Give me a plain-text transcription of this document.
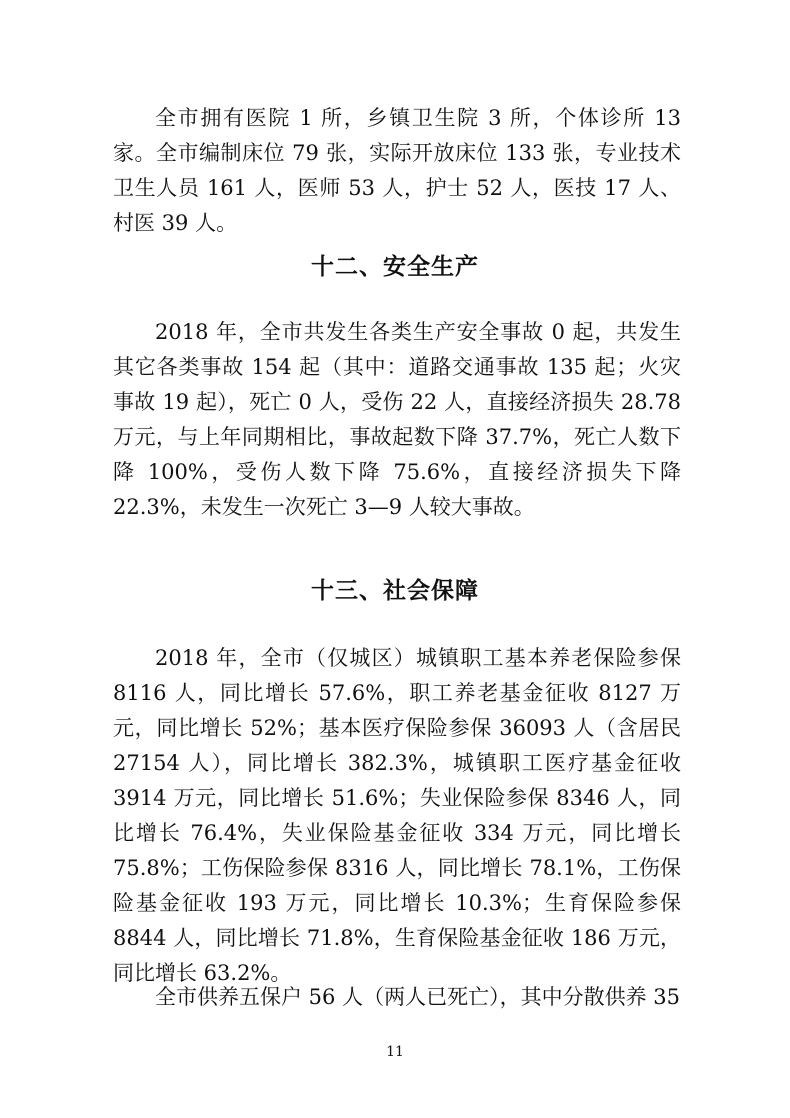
全市拥有医院 1 所，乡镇卫生院 3 所，个体诊所 13 家。全市编制床位 79 张，实际开放床位 133 张，专业技术卫生人员 161 人，医师 53 人，护士 52 人，医技 17 人、村医 39 人。

十二、安全生产

2018 年，全市共发生各类生产安全事故 0 起，共发生其它各类事故 154 起（其中：道路交通事故 135 起；火灾事故 19 起），死亡 0 人，受伤 22 人，直接经济损失 28.78 万元，与上年同期相比，事故起数下降 37.7%，死亡人数下降 100%，受伤人数下降 75.6%，直接经济损失下降 22.3%，未发生一次死亡 3—9 人较大事故。

十三、社会保障

2018 年，全市（仅城区）城镇职工基本养老保险参保 8116 人，同比增长 57.6%，职工养老基金征收 8127 万元，同比增长 52%；基本医疗保险参保 36093 人（含居民 27154 人），同比增长 382.3%，城镇职工医疗基金征收 3914 万元，同比增长 51.6%；失业保险参保 8346 人，同比增长 76.4%，失业保险基金征收 334 万元，同比增长 75.8%；工伤保险参保 8316 人，同比增长 78.1%，工伤保险基金征收 193 万元，同比增长 10.3%；生育保险参保 8844 人，同比增长 71.8%，生育保险基金征收 186 万元，同比增长 63.2%。

全市供养五保户 56 人（两人已死亡），其中分散供养 35

11
